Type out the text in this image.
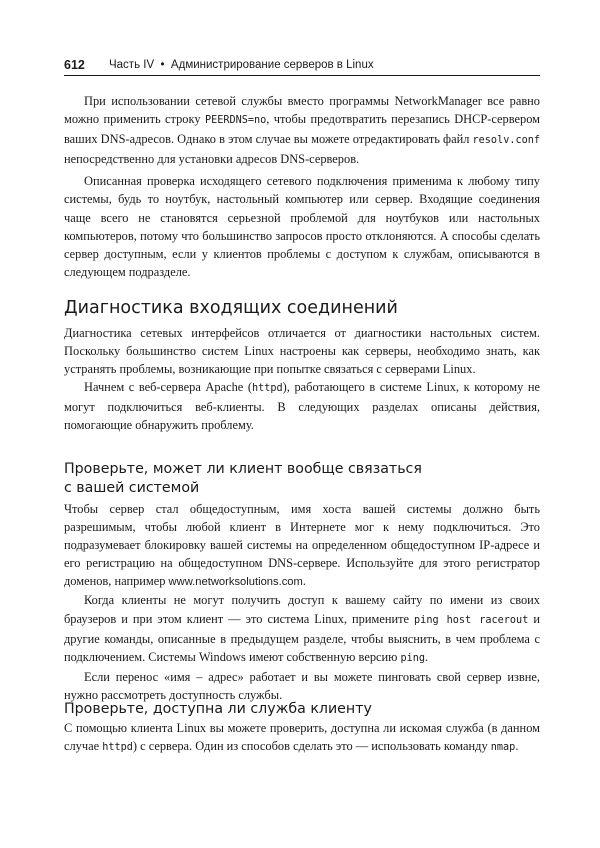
612 Часть IV  •  Администрирование серверов в Linux

При использовании сетевой службы вместо программы NetworkManager все равно можно применить строку PEERDNS=no, чтобы предотвратить перезапись DHCP-сервером ваших DNS-адресов. Однако в этом случае вы можете отредактировать файл resolv.conf непосредственно для установки адресов DNS-серверов.

Описанная проверка исходящего сетевого подключения применима к любому типу системы, будь то ноутбук, настольный компьютер или сервер. Входящие соединения чаще всего не становятся серьезной проблемой для ноутбуков или настольных компьютеров, потому что большинство запросов просто отклоняются. А способы сделать сервер доступным, если у клиентов проблемы с доступом к службам, описываются в следующем подразделе.

Диагностика входящих соединений

Диагностика сетевых интерфейсов отличается от диагностики настольных систем. Поскольку большинство систем Linux настроены как серверы, необходимо знать, как устранять проблемы, возникающие при попытке связаться с серверами Linux.

Начнем с веб-сервера Apache (httpd), работающего в системе Linux, к которому не могут подключиться веб-клиенты. В следующих разделах описаны действия, помогающие обнаружить проблему.

Проверьте, может ли клиент вообще связаться
с вашей системой

Чтобы сервер стал общедоступным, имя хоста вашей системы должно быть разрешимым, чтобы любой клиент в Интернете мог к нему подключиться. Это подразумевает блокировку вашей системы на определенном общедоступном IP-адресе и его регистрацию на общедоступном DNS-сервере. Используйте для этого регистратор доменов, например www.networksolutions.com.

Когда клиенты не могут получить доступ к вашему сайту по имени из своих браузеров и при этом клиент — это система Linux, примените ping host racerout и другие команды, описанные в предыдущем разделе, чтобы выяснить, в чем проблема с подключением. Системы Windows имеют собственную версию ping.

Если перенос «имя – адрес» работает и вы можете пинговать свой сервер извне, нужно рассмотреть доступность службы.

Проверьте, доступна ли служба клиенту

С помощью клиента Linux вы можете проверить, доступна ли искомая служба (в данном случае httpd) с сервера. Один из способов сделать это — использовать команду nmap.
